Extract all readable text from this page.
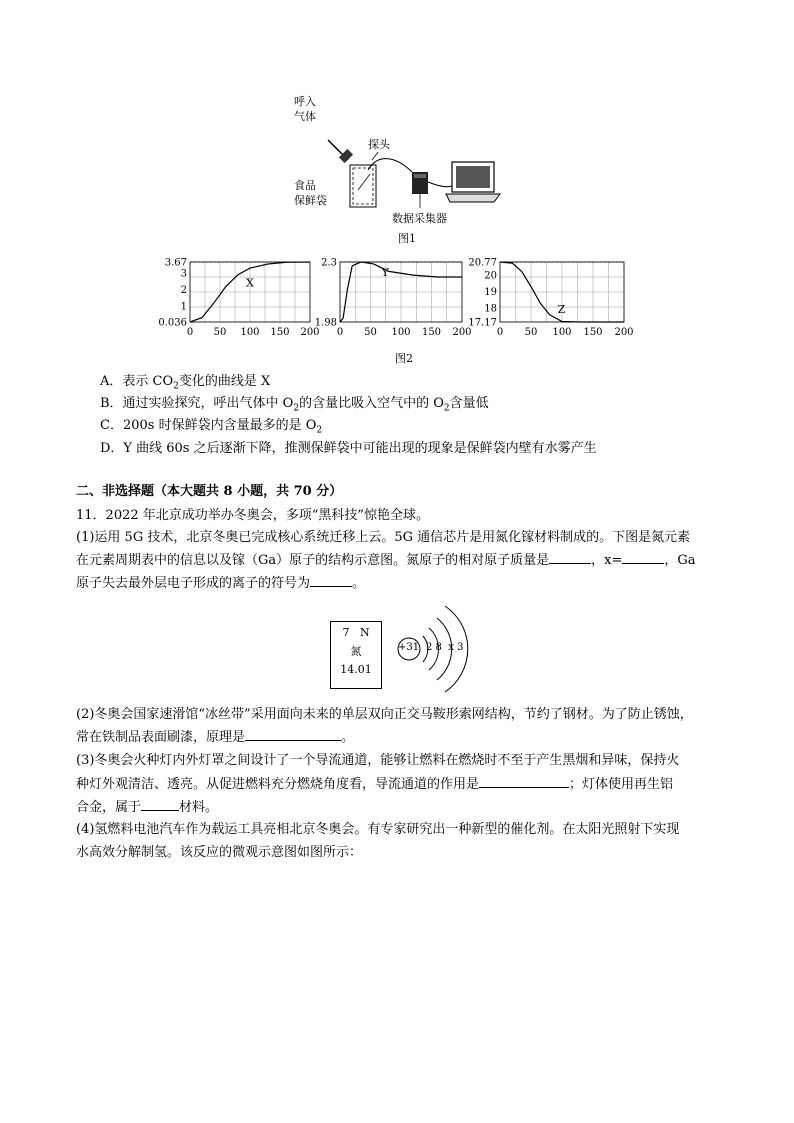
呼入
气体
探头
食品
保鲜袋
数据采集器
图1
X
3.67
3
2
1
0.036
0 50 100 150 200
Y
2.3
1.98
0 50 100 150 200
Z
20.77
20
19
18
17.17
0 50 100 150 200
图2
A．表示 $CO_2$变化的曲线是 X
B．通过实验探究，呼出气体中 $O_2$的含量比吸入空气中的 $O_2$含量低
C．200s 时保鲜袋内含量最多的是 $O_2$
D．Y 曲线 60s 之后逐渐下降，推测保鲜袋中可能出现的现象是保鲜袋内壁有水雾产生
二、非选择题（本大题共 8 小题，共 70 分）
11．2022 年北京成功举办冬奥会，多项“黑科技”惊艳全球。
(1)运用 5G 技术，北京冬奥已完成核心系统迁移上云。5G 通信芯片是用氮化镓材料制成的。下图是氮元素
在元素周期表中的信息以及镓（Ga）原子的结构示意图。氮原子的相对原子质量是	，x=	，Ga
原子失去最外层电子形成的离子的符号为	。
7 N
氮
14.01
+31 2 8  x 3
(2)冬奥会国家速滑馆“冰丝带”采用面向未来的单层双向正交马鞍形索网结构，节约了钢材。为了防止锈蚀，
常在铁制品表面刷漆，原理是	。
(3)冬奥会火种灯内外灯罩之间设计了一个导流通道，能够让燃料在燃烧时不至于产生黑烟和异味，保持火
种灯外观清洁、透亮。从促进燃料充分燃烧角度看，导流通道的作用是	；灯体使用再生铝
合金，属于	材料。
(4)氢燃料电池汽车作为载运工具亮相北京冬奥会。有专家研究出一种新型的催化剂。在太阳光照射下实现
水高效分解制氢。该反应的微观示意图如图所示：
